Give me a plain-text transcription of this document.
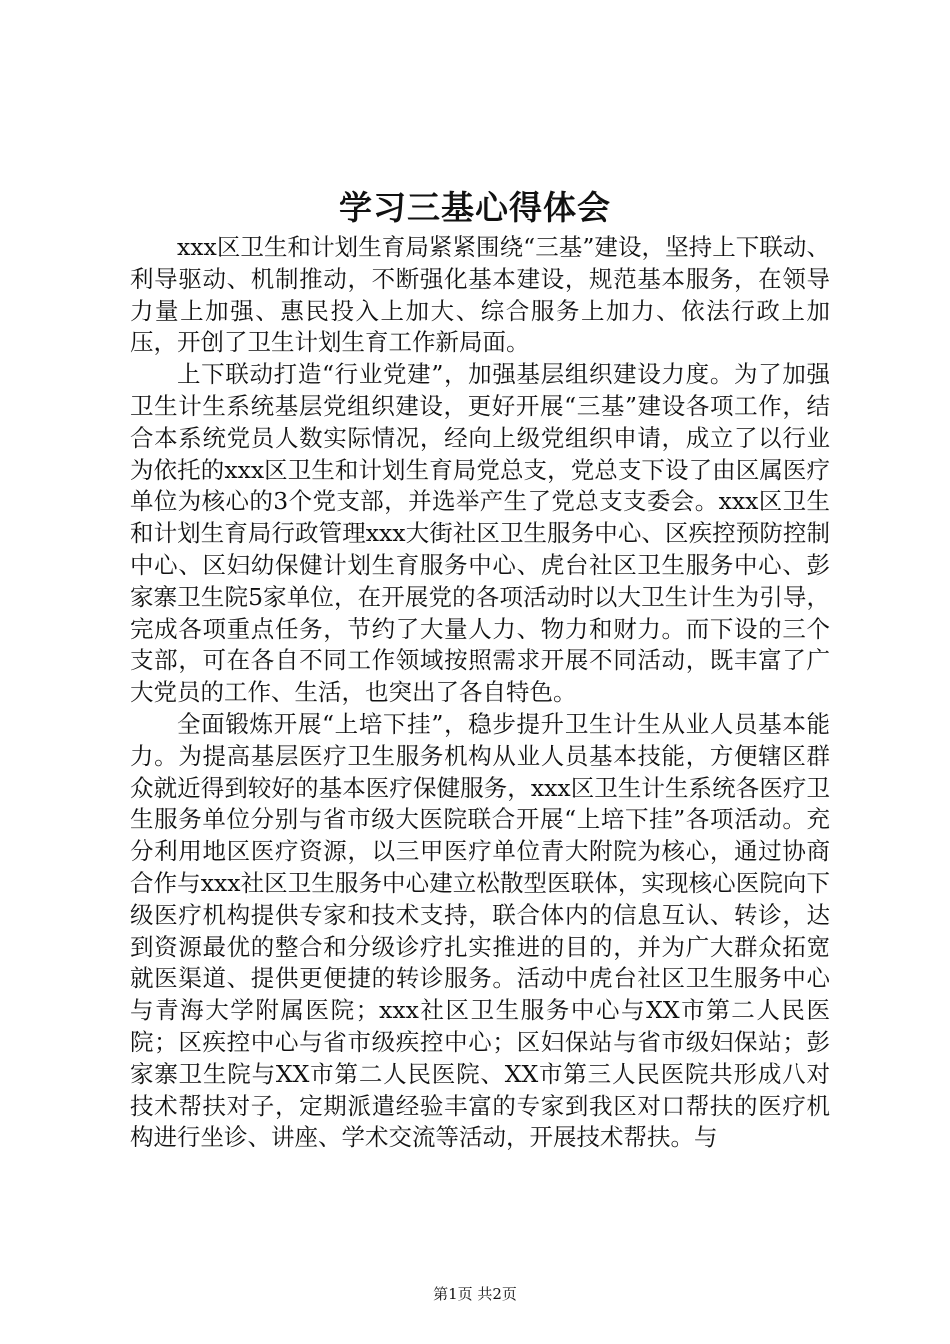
学习三基心得体会

xxx区卫生和计划生育局紧紧围绕“三基”建设，坚持上下联动、利导驱动、机制推动，不断强化基本建设，规范基本服务，在领导力量上加强、惠民投入上加大、综合服务上加力、依法行政上加压，开创了卫生计划生育工作新局面。

上下联动打造“行业党建”，加强基层组织建设力度。为了加强卫生计生系统基层党组织建设，更好开展“三基”建设各项工作，结合本系统党员人数实际情况，经向上级党组织申请，成立了以行业为依托的xxx区卫生和计划生育局党总支，党总支下设了由区属医疗单位为核心的3个党支部，并选举产生了党总支支委会。xxx区卫生和计划生育局行政管理xxx大街社区卫生服务中心、区疾控预防控制中心、区妇幼保健计划生育服务中心、虎台社区卫生服务中心、彭家寨卫生院5家单位，在开展党的各项活动时以大卫生计生为引导，完成各项重点任务，节约了大量人力、物力和财力。而下设的三个支部，可在各自不同工作领域按照需求开展不同活动，既丰富了广大党员的工作、生活，也突出了各自特色。

全面锻炼开展“上培下挂”，稳步提升卫生计生从业人员基本能力。为提高基层医疗卫生服务机构从业人员基本技能，方便辖区群众就近得到较好的基本医疗保健服务，xxx区卫生计生系统各医疗卫生服务单位分别与省市级大医院联合开展“上培下挂”各项活动。充分利用地区医疗资源，以三甲医疗单位青大附院为核心，通过协商合作与xxx社区卫生服务中心建立松散型医联体，实现核心医院向下级医疗机构提供专家和技术支持，联合体内的信息互认、转诊，达到资源最优的整合和分级诊疗扎实推进的目的，并为广大群众拓宽就医渠道、提供更便捷的转诊服务。活动中虎台社区卫生服务中心与青海大学附属医院；xxx社区卫生服务中心与XX市第二人民医院；区疾控中心与省市级疾控中心；区妇保站与省市级妇保站；彭家寨卫生院与XX市第二人民医院、XX市第三人民医院共形成八对技术帮扶对子，定期派遣经验丰富的专家到我区对口帮扶的医疗机构进行坐诊、讲座、学术交流等活动，开展技术帮扶。与

第1页 共2页
